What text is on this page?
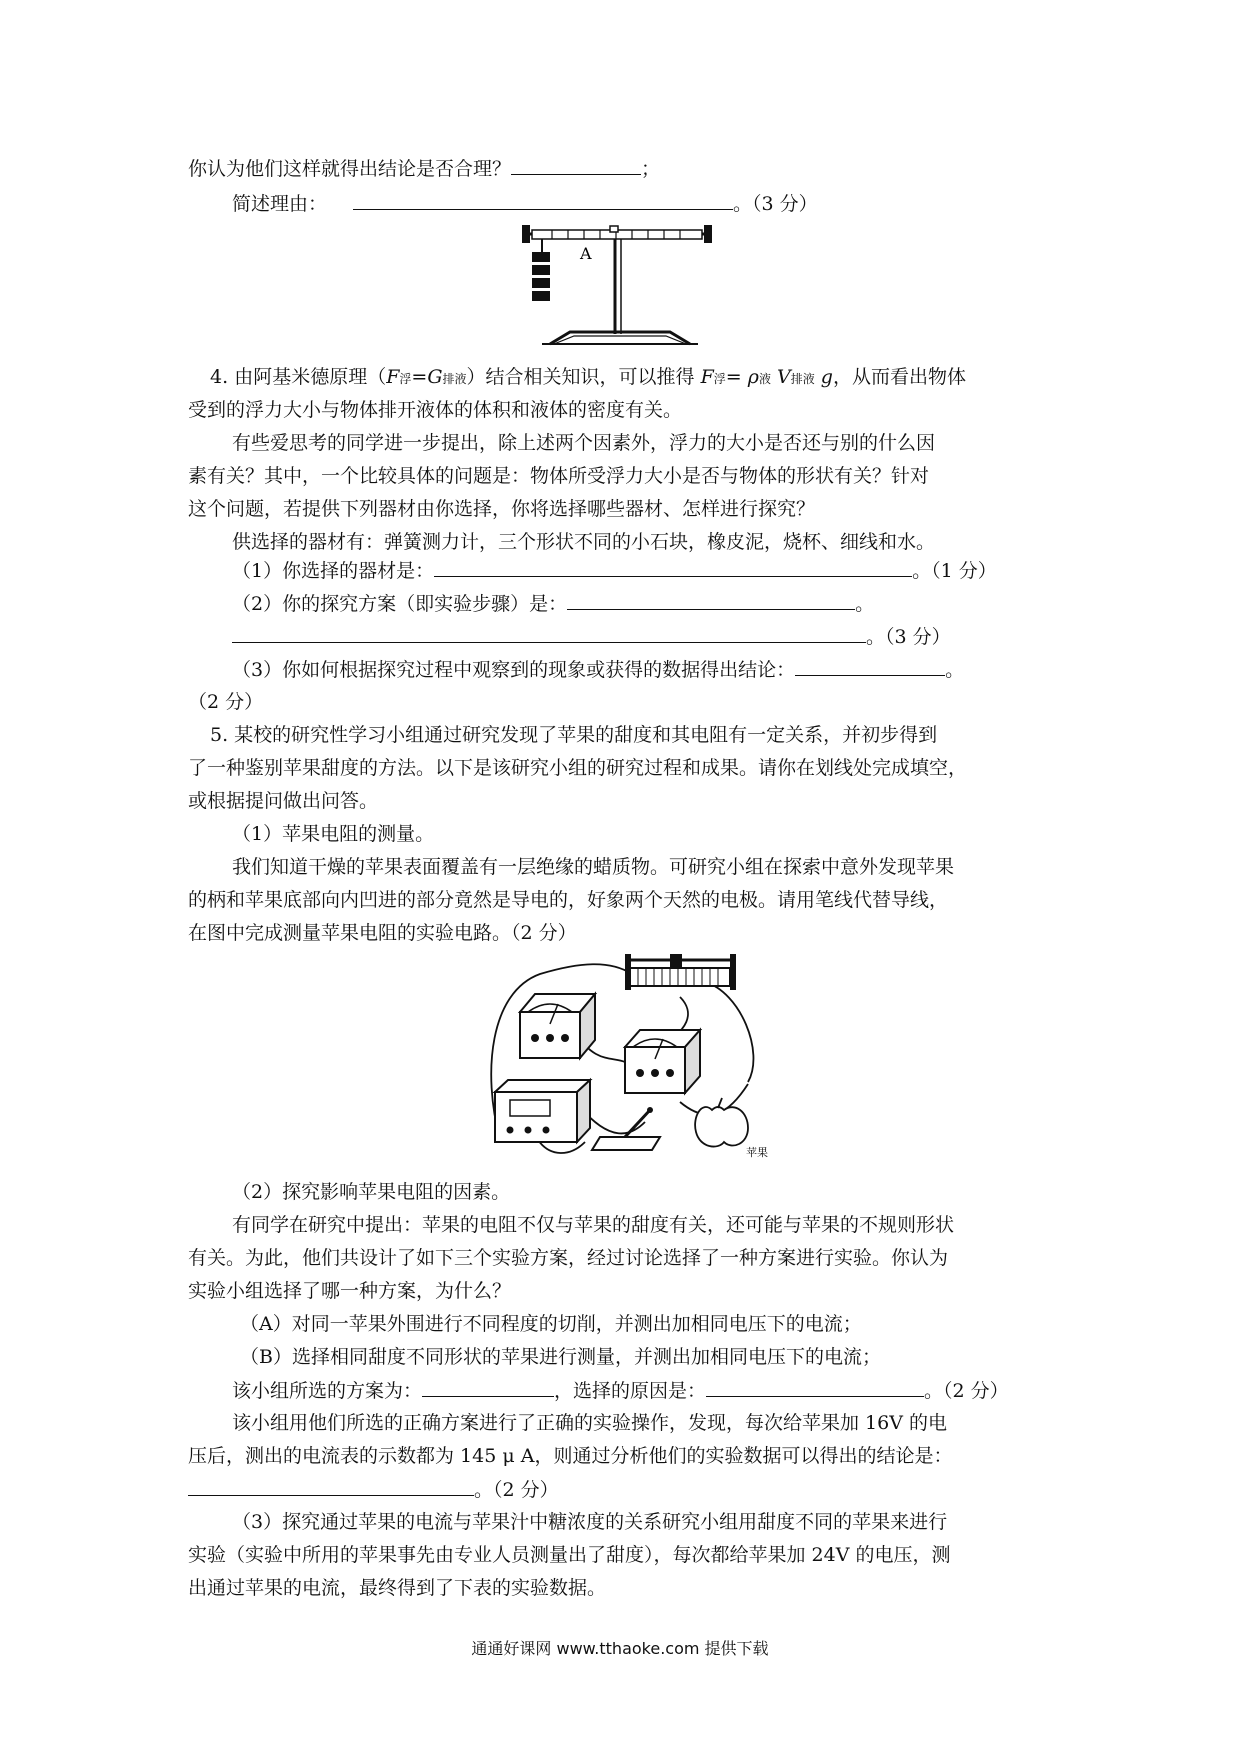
你认为他们这样就得出结论是否合理？	；
简述理由：	。（3 分）
A
4. 由阿基米德原理（F浮=G排液）结合相关知识，可以推得 F浮= ρ液 V排液 g，从而看出物体
受到的浮力大小与物体排开液体的体积和液体的密度有关。
有些爱思考的同学进一步提出，除上述两个因素外，浮力的大小是否还与别的什么因
素有关？其中，一个比较具体的问题是：物体所受浮力大小是否与物体的形状有关？针对
这个问题，若提供下列器材由你选择，你将选择哪些器材、怎样进行探究？
供选择的器材有：弹簧测力计，三个形状不同的小石块，橡皮泥，烧杯、细线和水。
（1）你选择的器材是：	。（1 分）
（2）你的探究方案（即实验步骤）是：	。
。（3 分）
（3）你如何根据探究过程中观察到的现象或获得的数据得出结论：	。
（2 分）
5. 某校的研究性学习小组通过研究发现了苹果的甜度和其电阻有一定关系，并初步得到
了一种鉴别苹果甜度的方法。以下是该研究小组的研究过程和成果。请你在划线处完成填空，
或根据提问做出问答。
（1）苹果电阻的测量。
我们知道干燥的苹果表面覆盖有一层绝缘的蜡质物。可研究小组在探索中意外发现苹果
的柄和苹果底部向内凹进的部分竟然是导电的，好象两个天然的电极。请用笔线代替导线，
在图中完成测量苹果电阻的实验电路。（2 分）
苹果
（2）探究影响苹果电阻的因素。
有同学在研究中提出：苹果的电阻不仅与苹果的甜度有关，还可能与苹果的不规则形状
有关。为此，他们共设计了如下三个实验方案，经过讨论选择了一种方案进行实验。你认为
实验小组选择了哪一种方案，为什么？
（A）对同一苹果外围进行不同程度的切削，并测出加相同电压下的电流；
（B）选择相同甜度不同形状的苹果进行测量，并测出加相同电压下的电流；
该小组所选的方案为：	，选择的原因是：	。（2 分）
该小组用他们所选的正确方案进行了正确的实验操作，发现，每次给苹果加 16V 的电
压后，测出的电流表的示数都为 145 μ A，则通过分析他们的实验数据可以得出的结论是：
。（2 分）
（3）探究通过苹果的电流与苹果汁中糖浓度的关系研究小组用甜度不同的苹果来进行
实验（实验中所用的苹果事先由专业人员测量出了甜度），每次都给苹果加 24V 的电压，测
出通过苹果的电流，最终得到了下表的实验数据。
通通好课网 www.tthaoke.com 提供下载
